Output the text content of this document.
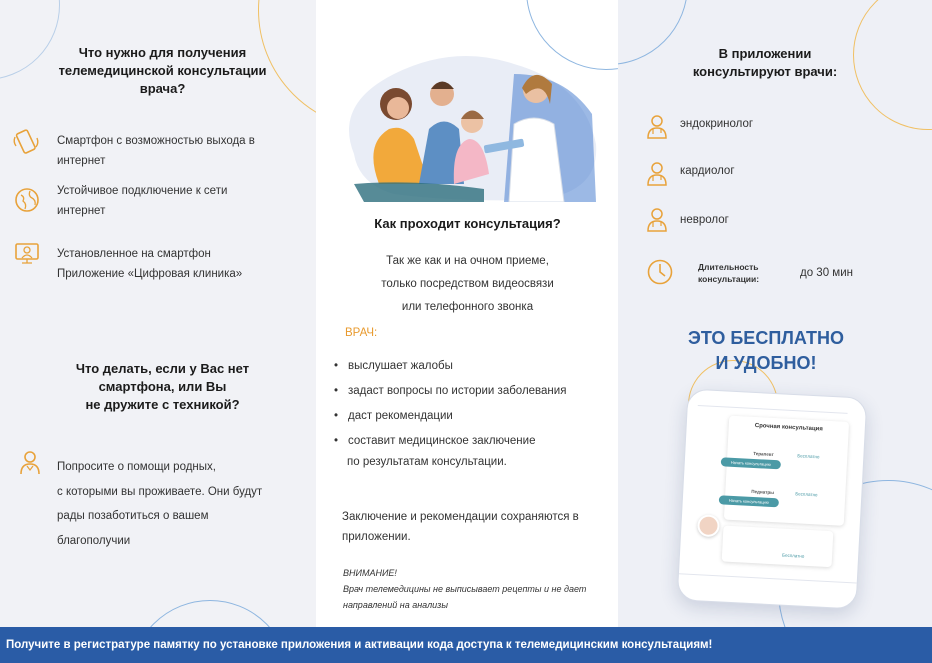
Что нужно для получения
телемедицинской консультации
врача?
Смартфон с возможностью выхода в
интернет
Устойчивое подключение к сети
интернет
Установленное на смартфон
Приложение «Цифровая клиника»
Что делать, если у Вас нет
смартфона, или Вы
не дружите с техникой?
Попросите о помощи родных,
с которыми вы проживаете. Они будут
рады позаботиться о вашем
благополучии
Как проходит консультация?
Так же как и на очном приеме,
только посредством видеосвязи
или телефонного звонка
ВРАЧ:
• выслушает жалобы
• задаст вопросы по истории заболевания
• даст рекомендации
• составит медицинское заключение
по результатам консультации.
Заключение и рекомендации сохраняются в
приложении.
ВНИМАНИЕ!
Врач телемедицины не выписывает рецепты и не дает
направлений на анализы
В приложении
консультируют врачи:
эндокринолог
кардиолог
невролог
Длительность
консультации:	до 30 мин
ЭТО БЕСПЛАТНО
И УДОБНО!
Срочная консультация
Терапевт	Бесплатно
Начать консультацию
Педиатры	Бесплатно
Начать консультацию
Бесплатно
Получите в регистратуре памятку по установке приложения и активации кода доступа к телемедицинским консультациям!
